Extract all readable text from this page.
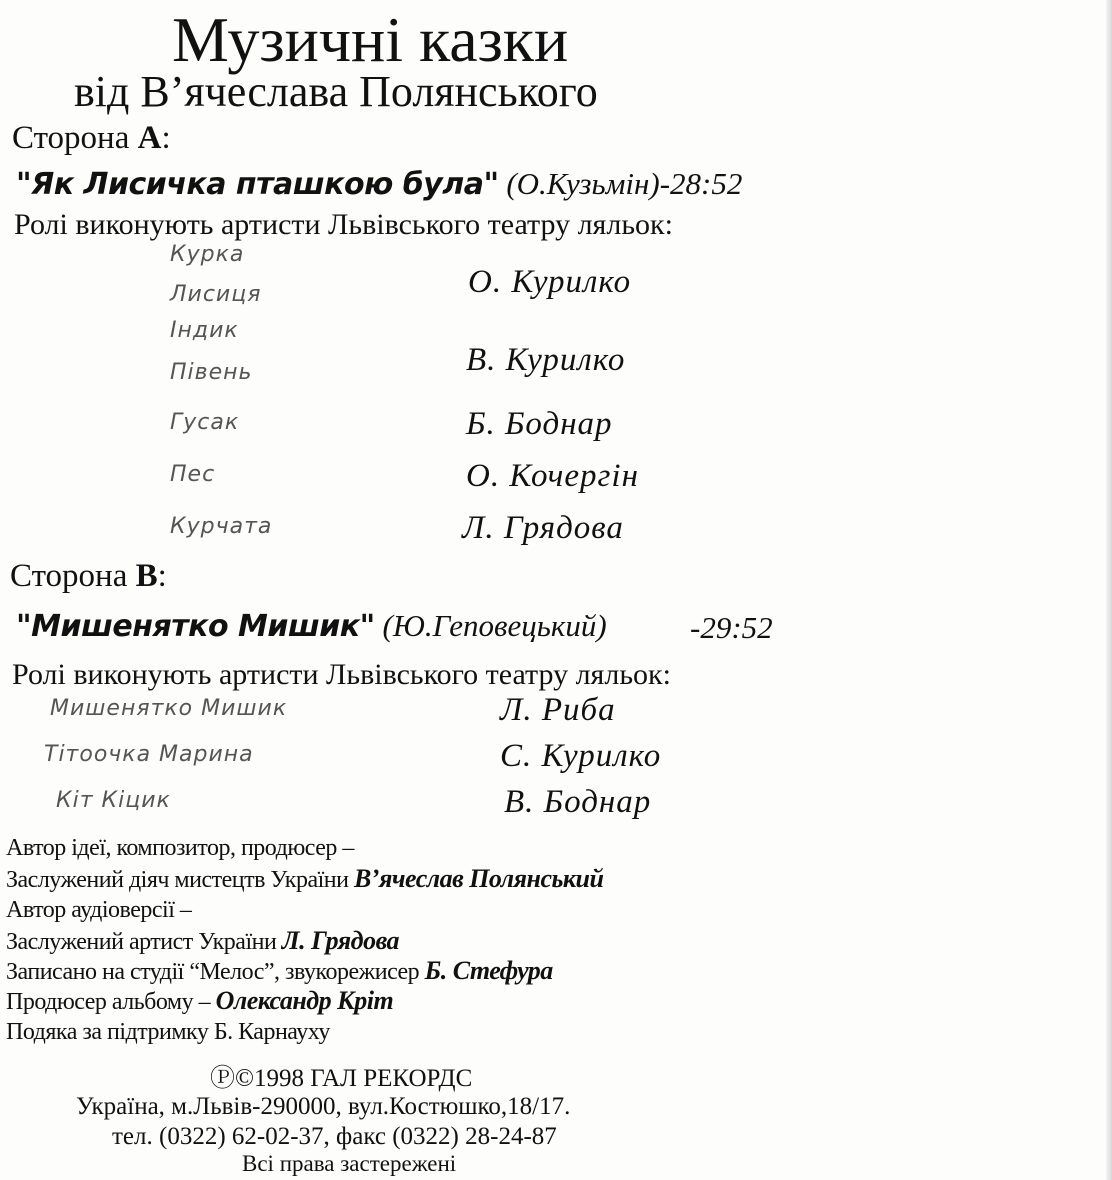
Музичні казки
від В’ячеслава Полянського
Сторона А:
"Як Лисичка пташкою була" (О.Кузьмін)-28:52
Ролі виконують артисти Львівського театру ляльок:
Курка
Лисиця
Індик
Півень
Гусак
Пес
Курчата
О. Курилко
В. Курилко
Б. Боднар
О. Кочергін
Л. Грядова
Сторона В:
"Мишенятко Мишик" (Ю.Геповецький)	-29:52
Ролі виконують артисти Львівського театру ляльок:
Мишенятко Мишик
Тітоочка Марина
Кіт Кіцик
Л. Риба
С. Курилко
В. Боднар
Автор ідеї, композитор, продюсер –
Заслужений діяч мистецтв України В’ячеслав Полянський
Автор аудіоверсії –
Заслужений артист України Л. Грядова
Записано на студії “Мелос”, звукорежисер Б. Стефура
Продюсер альбому – Олександр Кріт
Подяка за підтримку Б. Карнауху
Ⓟ©1998 ГАЛ РЕКОРДС
Україна, м.Львів-290000, вул.Костюшко,18/17.
тел. (0322) 62-02-37, факс (0322) 28-24-87
Всі права застережені
